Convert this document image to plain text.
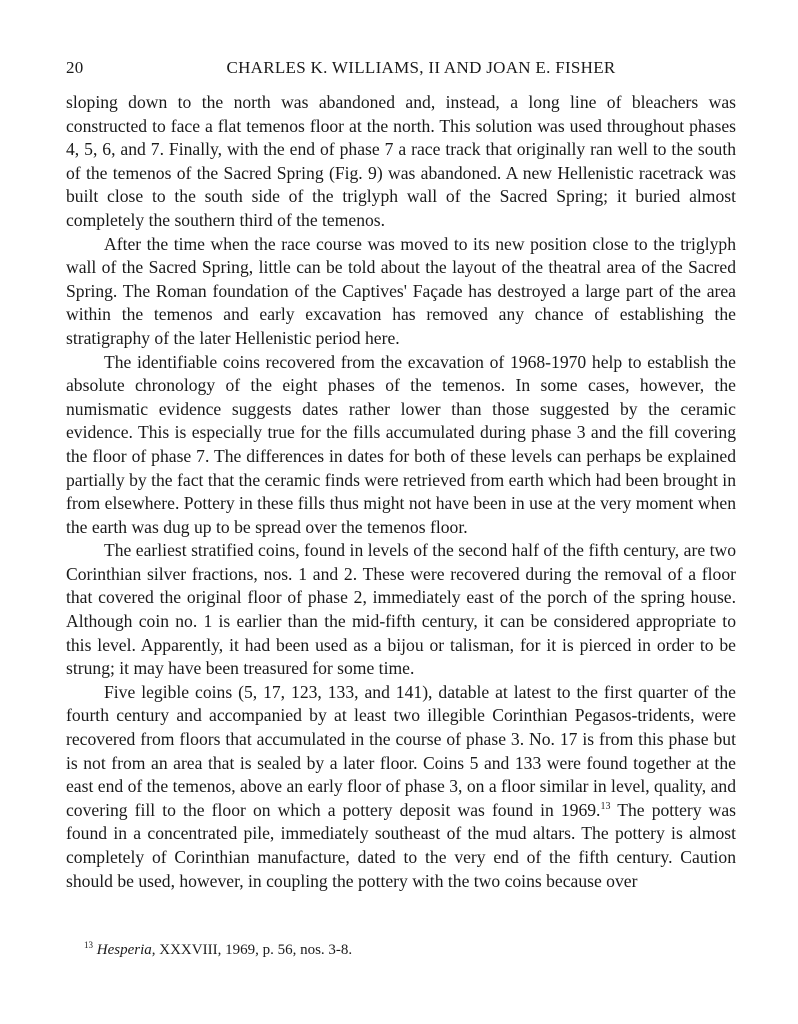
20	CHARLES K. WILLIAMS, II AND JOAN E. FISHER

sloping down to the north was abandoned and, instead, a long line of bleachers was constructed to face a flat temenos floor at the north. This solution was used throughout phases 4, 5, 6, and 7. Finally, with the end of phase 7 a race track that originally ran well to the south of the temenos of the Sacred Spring (Fig. 9) was abandoned. A new Hellenistic racetrack was built close to the south side of the triglyph wall of the Sacred Spring; it buried almost completely the southern third of the temenos.

After the time when the race course was moved to its new position close to the triglyph wall of the Sacred Spring, little can be told about the layout of the theatral area of the Sacred Spring. The Roman foundation of the Captives' Façade has destroyed a large part of the area within the temenos and early excavation has removed any chance of establishing the stratigraphy of the later Hellenistic period here.

The identifiable coins recovered from the excavation of 1968-1970 help to establish the absolute chronology of the eight phases of the temenos. In some cases, however, the numismatic evidence suggests dates rather lower than those suggested by the ceramic evidence. This is especially true for the fills accumulated during phase 3 and the fill covering the floor of phase 7. The differences in dates for both of these levels can perhaps be explained partially by the fact that the ceramic finds were retrieved from earth which had been brought in from elsewhere. Pottery in these fills thus might not have been in use at the very moment when the earth was dug up to be spread over the temenos floor.

The earliest stratified coins, found in levels of the second half of the fifth century, are two Corinthian silver fractions, nos. 1 and 2. These were recovered during the removal of a floor that covered the original floor of phase 2, immediately east of the porch of the spring house. Although coin no. 1 is earlier than the mid-fifth century, it can be considered appropriate to this level. Apparently, it had been used as a bijou or talisman, for it is pierced in order to be strung; it may have been treasured for some time.

Five legible coins (5, 17, 123, 133, and 141), datable at latest to the first quarter of the fourth century and accompanied by at least two illegible Corinthian Pegasos-tridents, were recovered from floors that accumulated in the course of phase 3. No. 17 is from this phase but is not from an area that is sealed by a later floor. Coins 5 and 133 were found together at the east end of the temenos, above an early floor of phase 3, on a floor similar in level, quality, and covering fill to the floor on which a pottery deposit was found in 1969.13 The pottery was found in a concentrated pile, immediately southeast of the mud altars. The pottery is almost completely of Corinthian manufacture, dated to the very end of the fifth century. Caution should be used, however, in coupling the pottery with the two coins because over

$^{13}$ Hesperia, XXXVIII, 1969, p. 56, nos. 3-8.
